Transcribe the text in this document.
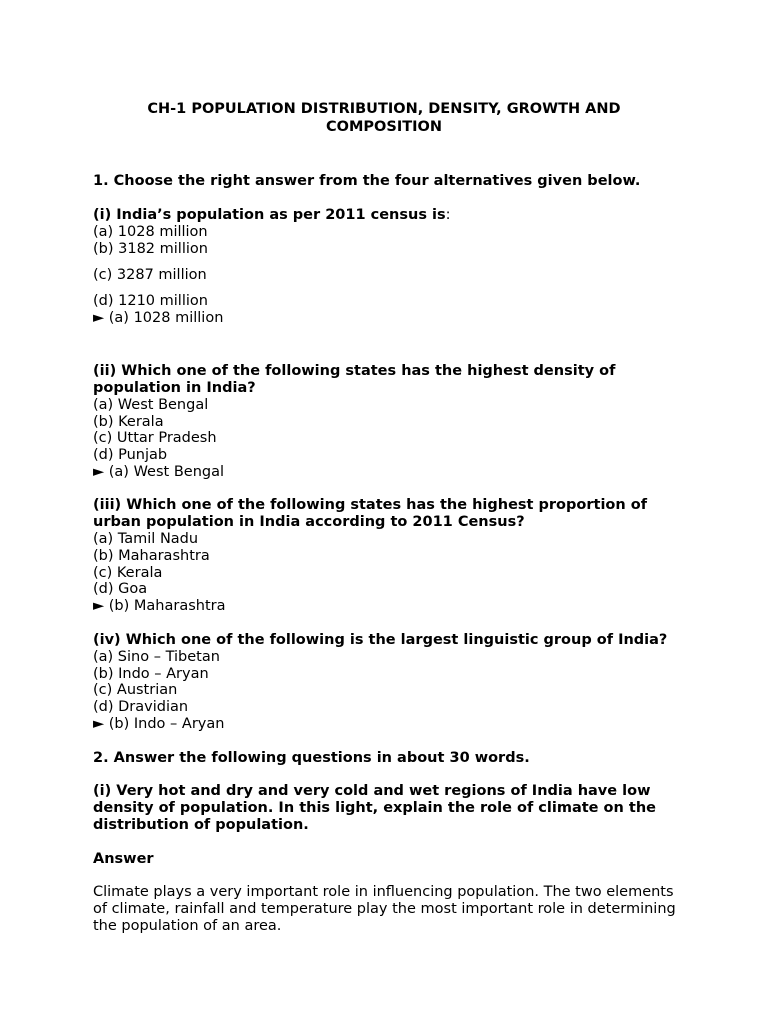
CH-1 POPULATION DISTRIBUTION, DENSITY, GROWTH AND COMPOSITION
1. Choose the right answer from the four alternatives given below.
(i) India’s population as per 2011 census is:
(a) 1028 million
(b) 3182 million
(c) 3287 million
(d) 1210 million
► (a) 1028 million
(ii) Which one of the following states has the highest density of population in India?
(a) West Bengal
(b) Kerala
(c) Uttar Pradesh
(d) Punjab
► (a) West Bengal
(iii) Which one of the following states has the highest proportion of urban population in India according to 2011 Census?
(a) Tamil Nadu
(b) Maharashtra
(c) Kerala
(d) Goa
► (b) Maharashtra
(iv) Which one of the following is the largest linguistic group of India?
(a) Sino – Tibetan
(b) Indo – Aryan
(c) Austrian
(d) Dravidian
► (b) Indo – Aryan
2. Answer the following questions in about 30 words.
(i) Very hot and dry and very cold and wet regions of India have low density of population. In this light, explain the role of climate on the distribution of population.
Answer
Climate plays a very important role in influencing population. The two elements of climate, rainfall and temperature play the most important role in determining the population of an area.
